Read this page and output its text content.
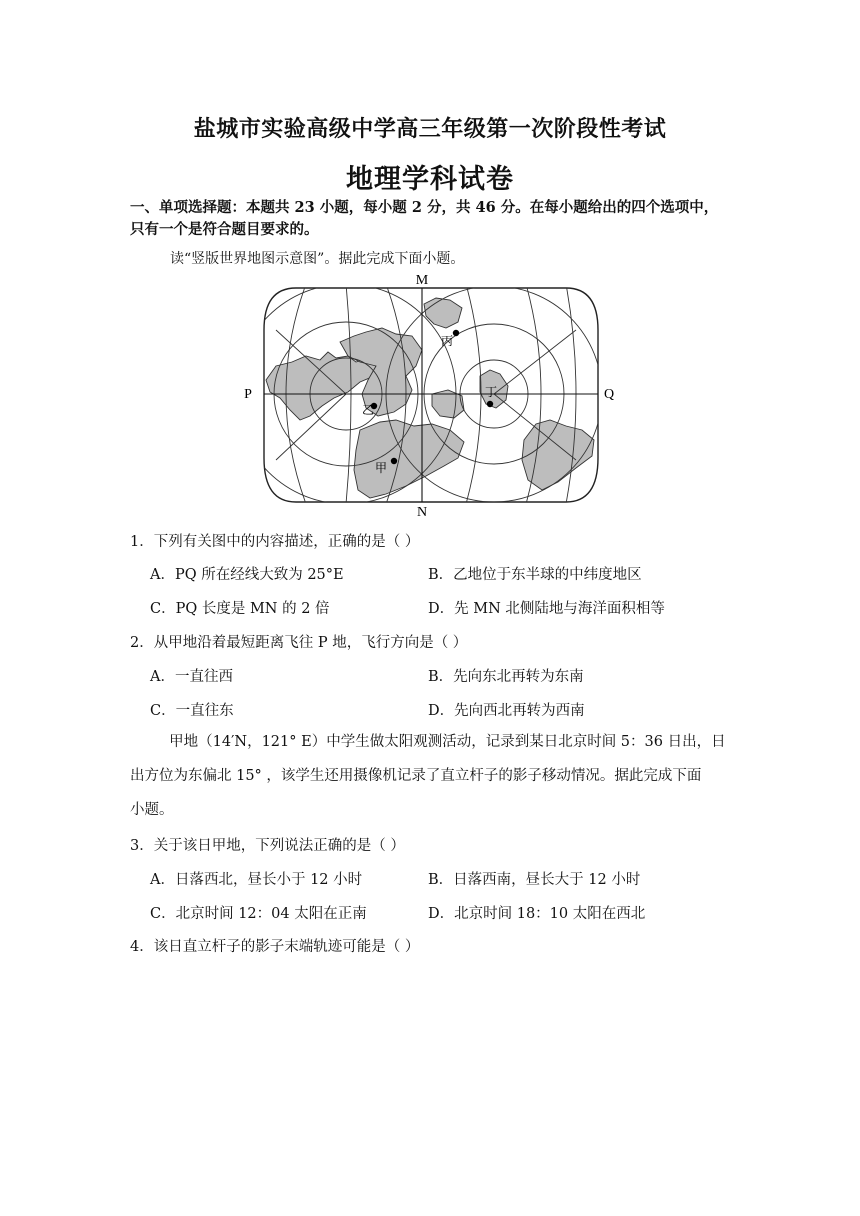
盐城市实验高级中学高三年级第一次阶段性考试
地理学科试卷
一、单项选择题：本题共 23 小题，每小题 2 分，共 46 分。在每小题给出的四个选项中，
只有一个是符合题目要求的。
读“竖版世界地图示意图”。据此完成下面小题。
M
N
P	Q
甲
乙
丙
丁
1．下列有关图中的内容描述，正确的是（ ）
A．PQ 所在经线大致为 25°E	B．乙地位于东半球的中纬度地区
C．PQ 长度是 MN 的 2 倍	D．先 MN 北侧陆地与海洋面积相等
2．从甲地沿着最短距离飞往 P 地，飞行方向是（ ）
A．一直往西	B．先向东北再转为东南
C．一直往东	D．先向西北再转为西南

甲地（14′N，121° E）中学生做太阳观测活动，记录到某日北京时间 5：36 日出，日

出方位为东偏北 15° ，该学生还用摄像机记录了直立杆子的影子移动情况。据此完成下面

小题。

3．关于该日甲地，下列说法正确的是（ ）
A．日落西北，昼长小于 12 小时	B．日落西南，昼长大于 12 小时
C．北京时间 12：04 太阳在正南	D．北京时间 18：10 太阳在西北
4．该日直立杆子的影子末端轨迹可能是（ ）
